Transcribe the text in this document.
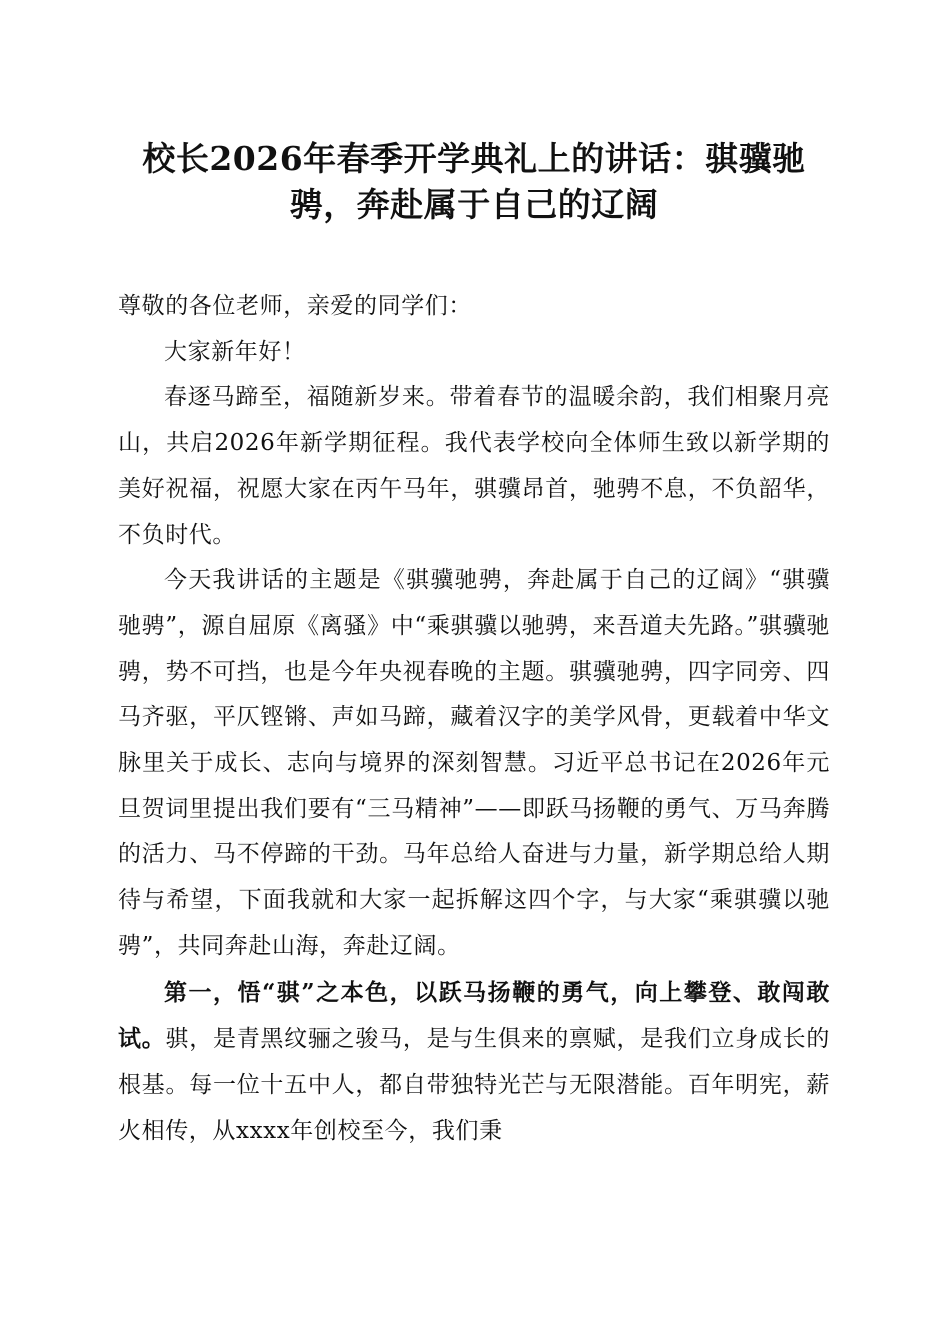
校长2026年春季开学典礼上的讲话：骐骥驰骋，奔赴属于自己的辽阔

尊敬的各位老师，亲爱的同学们：

大家新年好！

春逐马蹄至，福随新岁来。带着春节的温暖余韵，我们相聚月亮山，共启2026年新学期征程。我代表学校向全体师生致以新学期的美好祝福，祝愿大家在丙午马年，骐骥昂首，驰骋不息，不负韶华，不负时代。

今天我讲话的主题是《骐骥驰骋，奔赴属于自己的辽阔》“骐骥驰骋”，源自屈原《离骚》中“乘骐骥以驰骋，来吾道夫先路。”骐骥驰骋，势不可挡，也是今年央视春晚的主题。骐骥驰骋，四字同旁、四马齐驱，平仄铿锵、声如马蹄，藏着汉字的美学风骨，更载着中华文脉里关于成长、志向与境界的深刻智慧。习近平总书记在2026年元旦贺词里提出我们要有“三马精神”——即跃马扬鞭的勇气、万马奔腾的活力、马不停蹄的干劲。马年总给人奋进与力量，新学期总给人期待与希望，下面我就和大家一起拆解这四个字，与大家“乘骐骥以驰骋”，共同奔赴山海，奔赴辽阔。

第一，悟“骐”之本色，以跃马扬鞭的勇气，向上攀登、敢闯敢试。骐，是青黑纹骊之骏马，是与生俱来的禀赋，是我们立身成长的根基。每一位十五中人，都自带独特光芒与无限潜能。百年明宪，薪火相传，从xxxx年创校至今，我们秉
